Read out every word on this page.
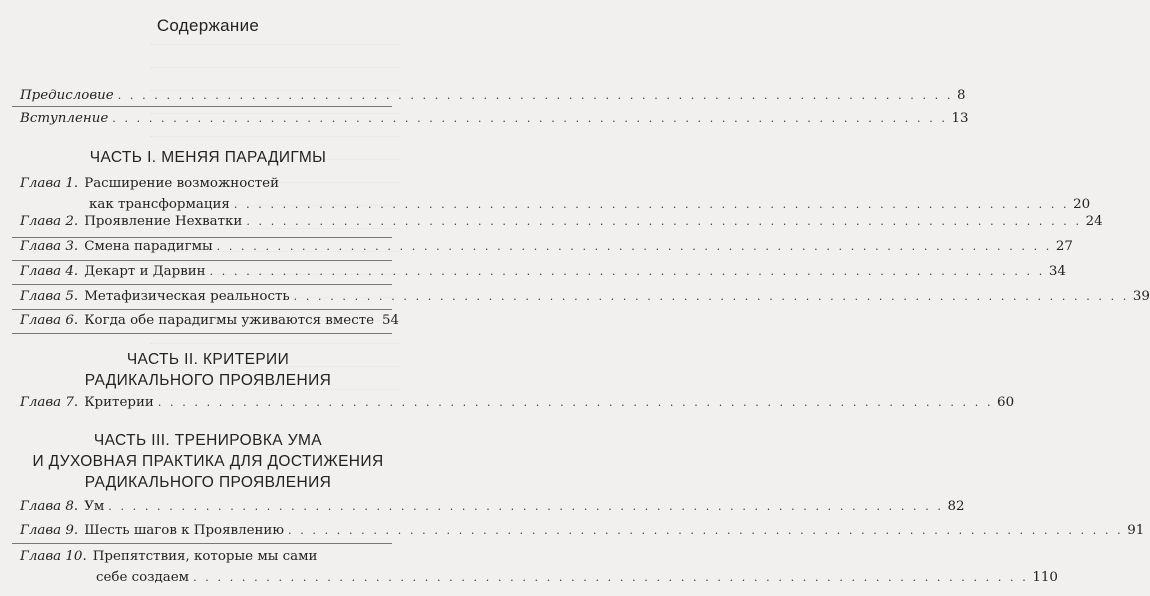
Содержание
Предисловие . . .	8
Вступление . . .	13
ЧАСТЬ I. МЕНЯЯ ПАРАДИГМЫ
Глава 1. Расширение возможностей
как трансформация . . .	20
Глава 2. Проявление Нехватки . . .	24
Глава 3. Смена парадигмы . . .	27
Глава 4. Декарт и Дарвин . . .	34
Глава 5. Метафизическая реальность . . .	39
Глава 6. Когда обе парадигмы уживаются вместе 54
ЧАСТЬ II. КРИТЕРИИ
РАДИКАЛЬНОГО ПРОЯВЛЕНИЯ
Глава 7. Критерии . . .	60
ЧАСТЬ III. ТРЕНИРОВКА УМА
И ДУХОВНАЯ ПРАКТИКА ДЛЯ ДОСТИЖЕНИЯ
РАДИКАЛЬНОГО ПРОЯВЛЕНИЯ
Глава 8. Ум . . .	82
Глава 9. Шесть шагов к Проявлению . . .	91
Глава 10. Препятствия, которые мы сами
себе создаем . . .	110
